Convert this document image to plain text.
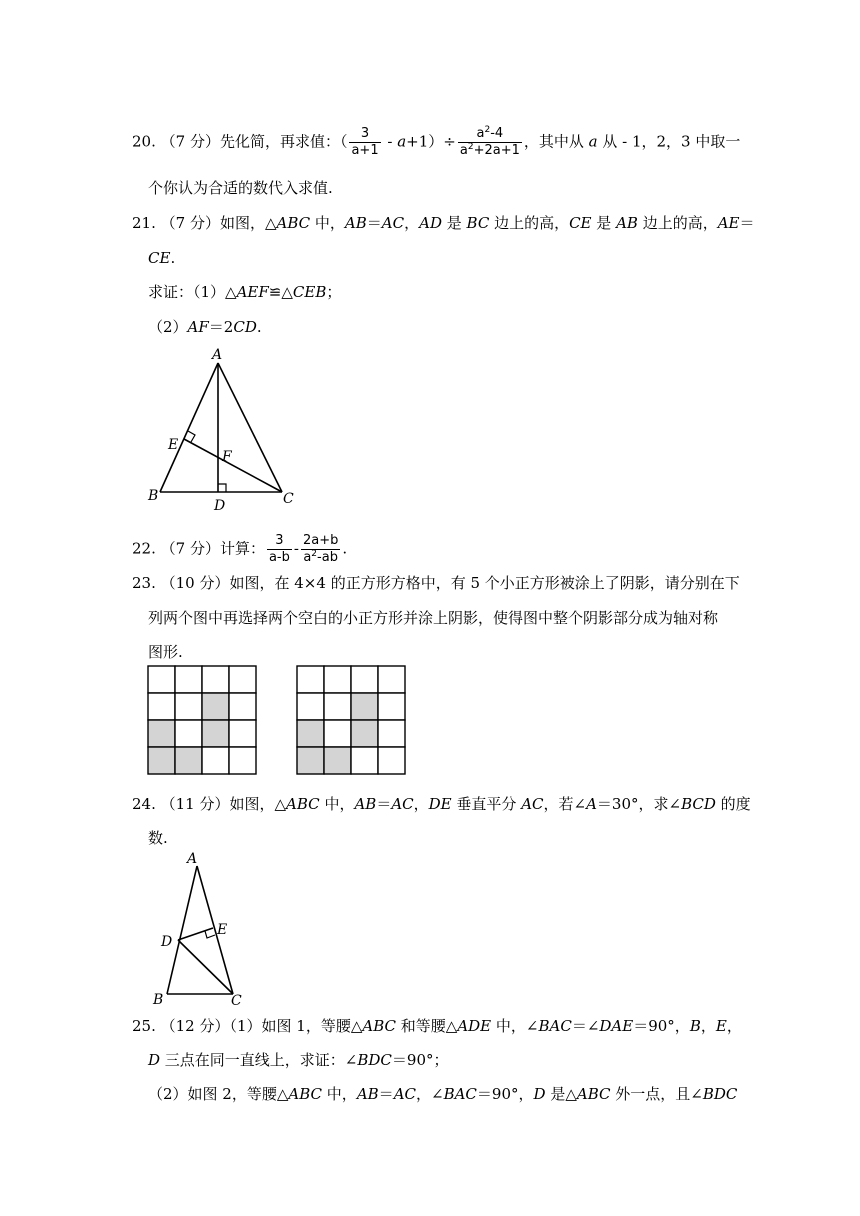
20. （7 分）先化简，再求值：（ $\frac{3}{a+1} - a+1)\div \frac{a^2-4}{a^2+2a+1}$ ，其中从 a 从 - 1，2，3 中取一
个你认为合适的数代入求值.
21. （7 分）如图，△ABC 中，AB＝AC，AD 是 BC 边上的高，CE 是 AB 边上的高，AE＝
CE.
求证：（1）△AEF≌△CEB；
（2）AF＝2CD.
A
E
F
B
D	C
22. （7 分）计算： $\frac{3}{a-b} - \frac{2a+b}{a^2-ab}$ .
23. （10 分）如图，在 4×4 的正方形方格中，有 5 个小正方形被涂上了阴影，请分别在下
列两个图中再选择两个空白的小正方形并涂上阴影，使得图中整个阴影部分成为轴对称
图形.
24. （11 分）如图，△ABC 中，AB＝AC，DE 垂直平分 AC，若∠A＝30°，求∠BCD 的度
数.
A
E
D
B	C
25. （12 分）（1）如图 1，等腰△ABC 和等腰△ADE 中，∠BAC＝∠DAE＝90°，B，E，
D 三点在同一直线上，求证：∠BDC＝90°；
（2）如图 2，等腰△ABC 中，AB＝AC，∠BAC＝90°，D 是△ABC 外一点，且∠BDC
